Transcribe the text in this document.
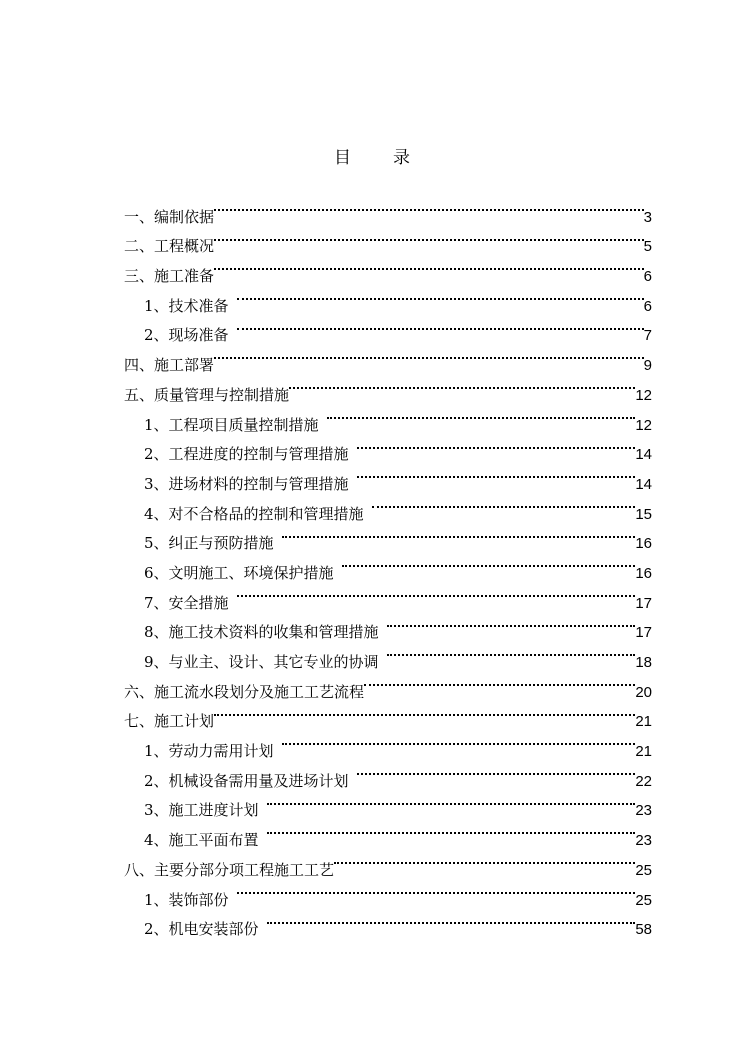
目 录
一、编制依据	3
二、工程概况	5
三、施工准备	6
1、技术准备	6
2、现场准备	7
四、施工部署	9
五、质量管理与控制措施	12
1、工程项目质量控制措施	12
2、工程进度的控制与管理措施	14
3、进场材料的控制与管理措施	14
4、对不合格品的控制和管理措施	15
5、纠正与预防措施	16
6、文明施工、环境保护措施	16
7、安全措施	17
8、施工技术资料的收集和管理措施	17
9、与业主、设计、其它专业的协调	18
六、施工流水段划分及施工工艺流程	20
七、施工计划	21
1、劳动力需用计划	21
2、机械设备需用量及进场计划	22
3、施工进度计划	23
4、施工平面布置	23
八、主要分部分项工程施工工艺	25
1、装饰部份	25
2、机电安装部份	58
